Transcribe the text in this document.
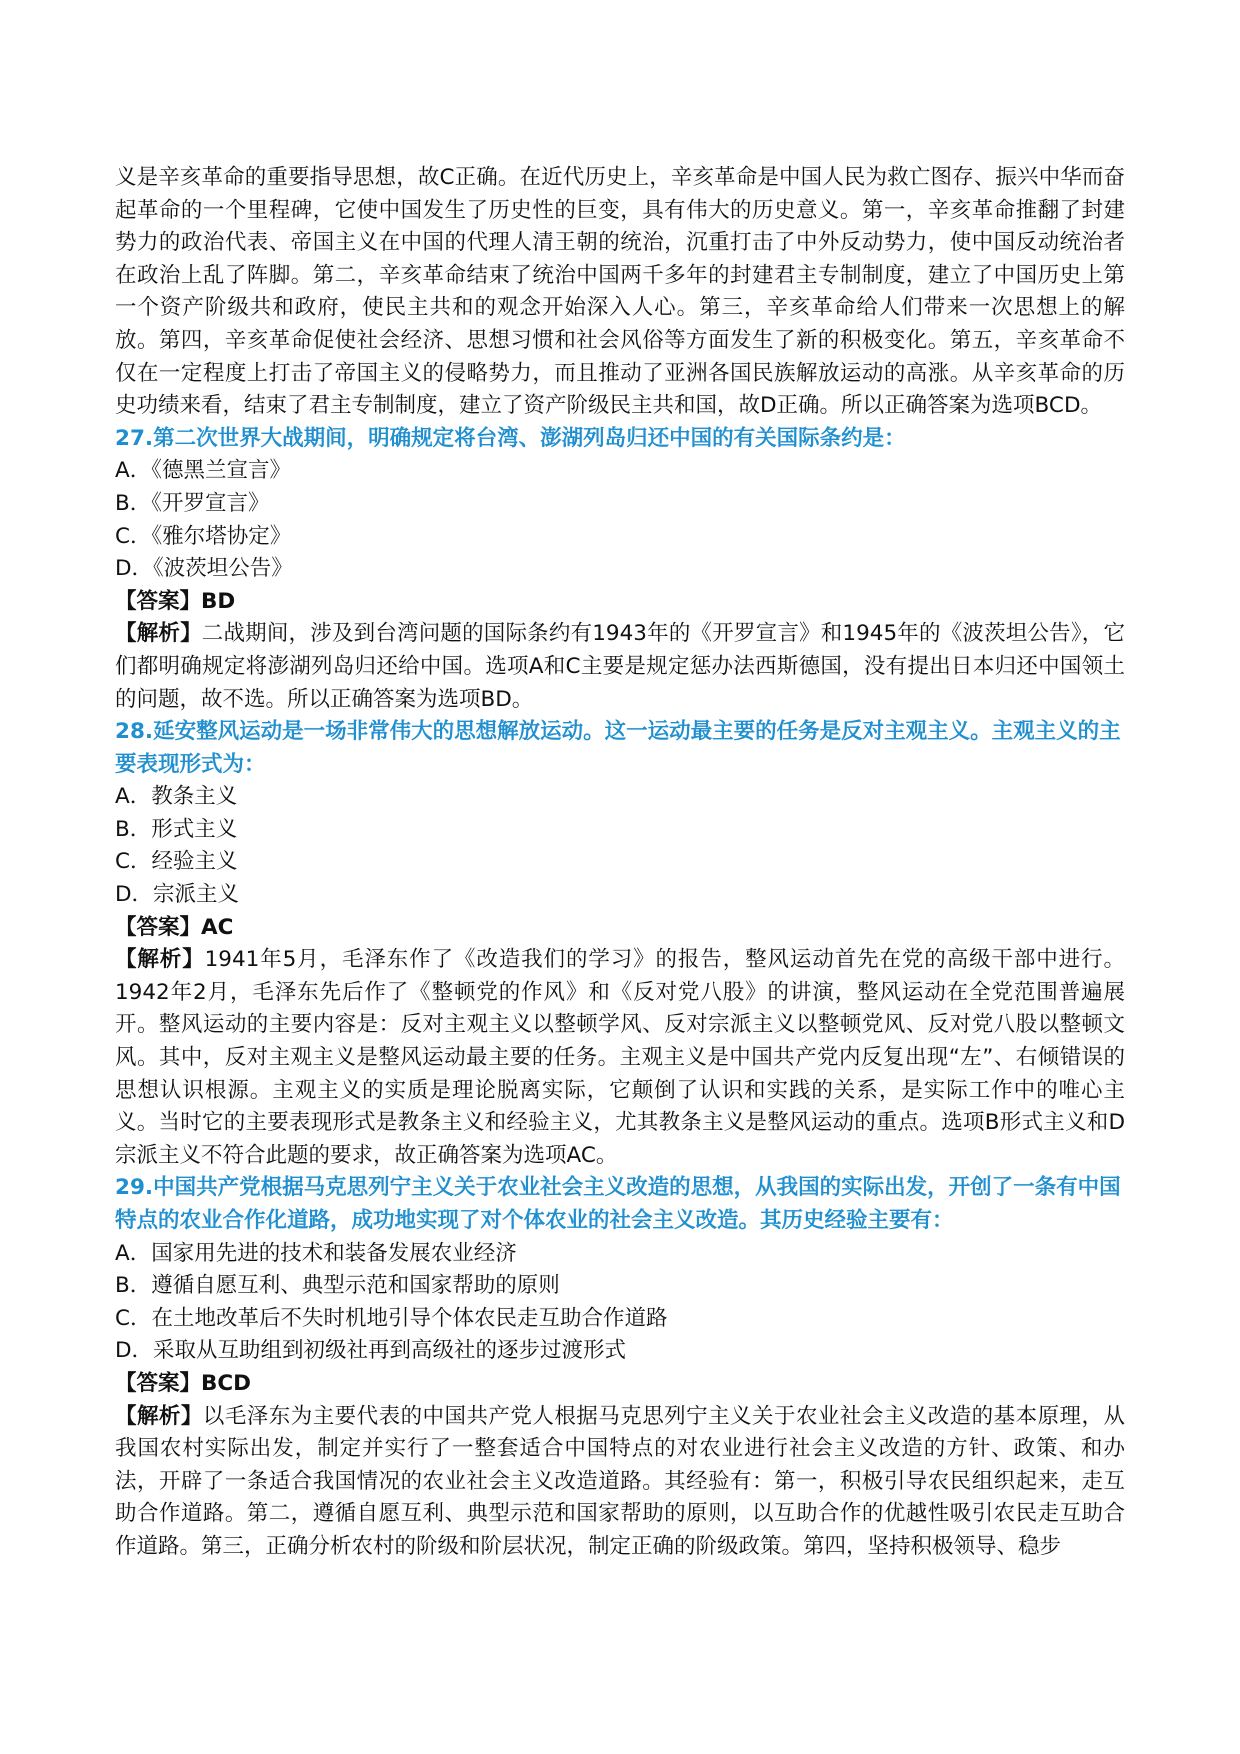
义是辛亥革命的重要指导思想，故C正确。在近代历史上，辛亥革命是中国人民为救亡图存、振兴中华而奋起革命的一个里程碑，它使中国发生了历史性的巨变，具有伟大的历史意义。第一，辛亥革命推翻了封建势力的政治代表、帝国主义在中国的代理人清王朝的统治，沉重打击了中外反动势力，使中国反动统治者在政治上乱了阵脚。第二，辛亥革命结束了统治中国两千多年的封建君主专制制度，建立了中国历史上第一个资产阶级共和政府，使民主共和的观念开始深入人心。第三，辛亥革命给人们带来一次思想上的解放。第四，辛亥革命促使社会经济、思想习惯和社会风俗等方面发生了新的积极变化。第五，辛亥革命不仅在一定程度上打击了帝国主义的侵略势力，而且推动了亚洲各国民族解放运动的高涨。从辛亥革命的历史功绩来看，结束了君主专制制度，建立了资产阶级民主共和国，故D正确。所以正确答案为选项BCD。

27.第二次世界大战期间，明确规定将台湾、澎湖列岛归还中国的有关国际条约是：

A．《德黑兰宣言》

B．《开罗宣言》

C．《雅尔塔协定》

D．《波茨坦公告》

【答案】BD

【解析】二战期间，涉及到台湾问题的国际条约有1943年的《开罗宣言》和1945年的《波茨坦公告》，它们都明确规定将澎湖列岛归还给中国。选项A和C主要是规定惩办法西斯德国，没有提出日本归还中国领土的问题，故不选。所以正确答案为选项BD。

28.延安整风运动是一场非常伟大的思想解放运动。这一运动最主要的任务是反对主观主义。主观主义的主要表现形式为：

A．教条主义

B．形式主义

C．经验主义

D．宗派主义

【答案】AC

【解析】1941年5月，毛泽东作了《改造我们的学习》的报告，整风运动首先在党的高级干部中进行。1942年2月，毛泽东先后作了《整顿党的作风》和《反对党八股》的讲演，整风运动在全党范围普遍展开。整风运动的主要内容是：反对主观主义以整顿学风、反对宗派主义以整顿党风、反对党八股以整顿文风。其中，反对主观主义是整风运动最主要的任务。主观主义是中国共产党内反复出现“左”、右倾错误的思想认识根源。主观主义的实质是理论脱离实际，它颠倒了认识和实践的关系，是实际工作中的唯心主义。当时它的主要表现形式是教条主义和经验主义，尤其教条主义是整风运动的重点。选项B形式主义和D宗派主义不符合此题的要求，故正确答案为选项AC。

29.中国共产党根据马克思列宁主义关于农业社会主义改造的思想，从我国的实际出发，开创了一条有中国特点的农业合作化道路，成功地实现了对个体农业的社会主义改造。其历史经验主要有：

A．国家用先进的技术和装备发展农业经济

B．遵循自愿互利、典型示范和国家帮助的原则

C．在土地改革后不失时机地引导个体农民走互助合作道路

D．采取从互助组到初级社再到高级社的逐步过渡形式

【答案】BCD

【解析】以毛泽东为主要代表的中国共产党人根据马克思列宁主义关于农业社会主义改造的基本原理，从我国农村实际出发，制定并实行了一整套适合中国特点的对农业进行社会主义改造的方针、政策、和办法，开辟了一条适合我国情况的农业社会主义改造道路。其经验有：第一，积极引导农民组织起来，走互助合作道路。第二，遵循自愿互利、典型示范和国家帮助的原则，以互助合作的优越性吸引农民走互助合作道路。第三，正确分析农村的阶级和阶层状况，制定正确的阶级政策。第四，坚持积极领导、稳步
